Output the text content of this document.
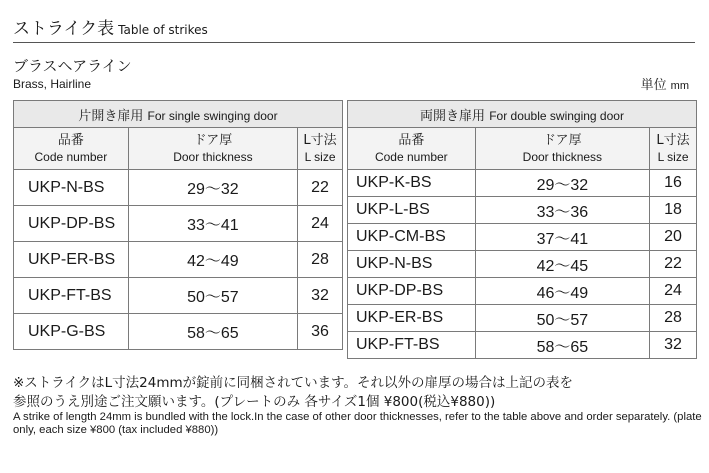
ストライク表 Table of strikes
ブラスヘアライン
Brass, Hairline	単位 mm
片開き扉用 For single swinging door		

品番
Code number	ドア厚
Door thickness	L寸法
L size

UKP-N-BS	29～32	22
UKP-DP-BS	33～41	24
UKP-ER-BS	42～49	28
UKP-FT-BS	50～57	32
UKP-G-BS	58～65	36
両開き扉用 For double swinging door		

品番
Code number	ドア厚
Door thickness	L寸法
L size

UKP-K-BS	29～32	16
UKP-L-BS	33～36	18
UKP-CM-BS	37～41	20
UKP-N-BS	42～45	22
UKP-DP-BS	46～49	24
UKP-ER-BS	50～57	28
UKP-FT-BS	58～65	32
※ストライクはL寸法24mmが錠前に同梱されています。それ以外の扉厚の場合は上記の表を
参照のうえ別途ご注文願います。(プレートのみ 各サイズ1個 ¥800(税込¥880))
A strike of length 24mm is bundled with the lock.In the case of other door thicknesses, refer to the table above and order separately. (plate only, each size ¥800 (tax included ¥880))
